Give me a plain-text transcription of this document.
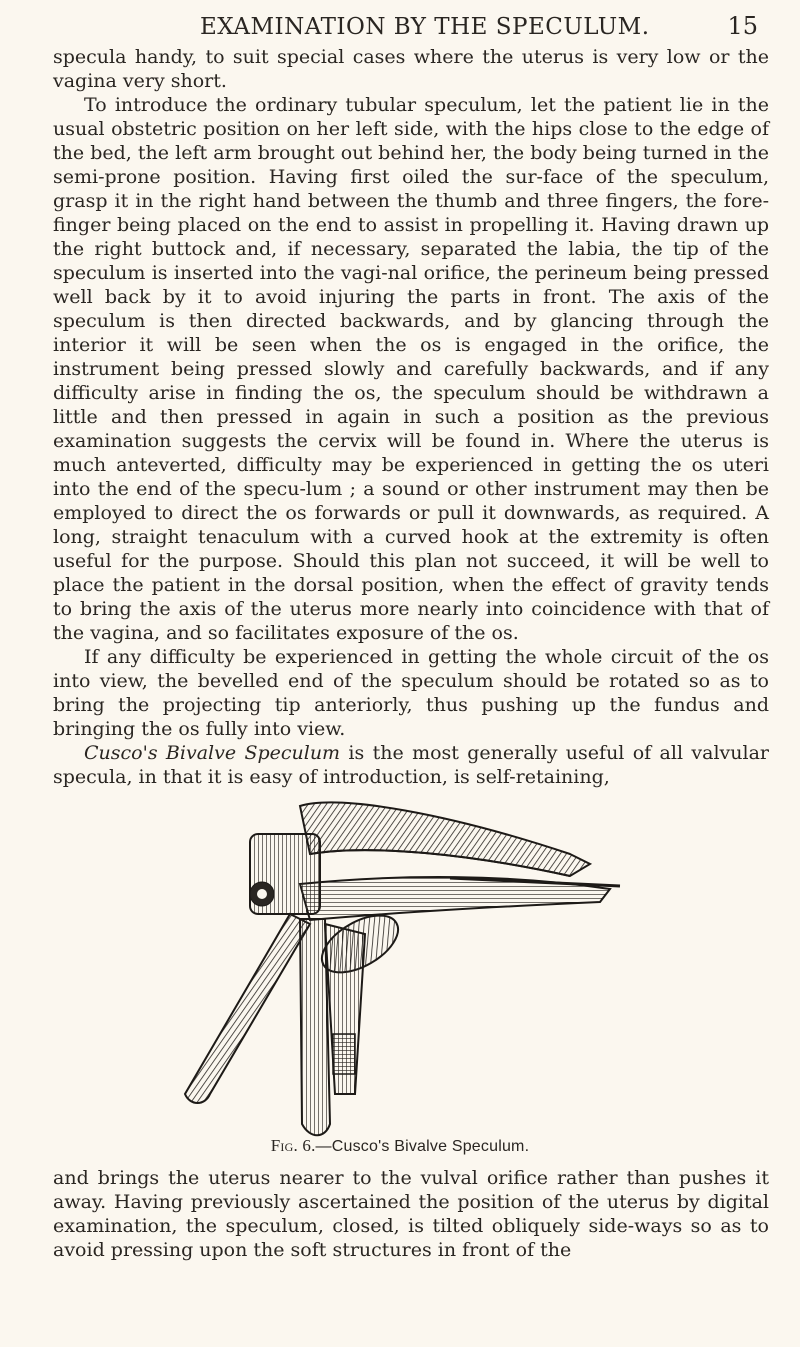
EXAMINATION BY THE SPECULUM.	15

specula handy, to suit special cases where the uterus is very low or the vagina very short.

To introduce the ordinary tubular speculum, let the patient lie in the usual obstetric position on her left side, with the hips close to the edge of the bed, the left arm brought out behind her, the body being turned in the semi-prone position. Having first oiled the sur-face of the speculum, grasp it in the right hand between the thumb and three fingers, the fore-finger being placed on the end to assist in propelling it. Having drawn up the right buttock and, if necessary, separated the labia, the tip of the speculum is inserted into the vagi-nal orifice, the perineum being pressed well back by it to avoid injuring the parts in front. The axis of the speculum is then directed backwards, and by glancing through the interior it will be seen when the os is engaged in the orifice, the instrument being pressed slowly and carefully backwards, and if any difficulty arise in finding the os, the speculum should be withdrawn a little and then pressed in again in such a position as the previous examination suggests the cervix will be found in. Where the uterus is much anteverted, difficulty may be experienced in getting the os uteri into the end of the specu-lum ; a sound or other instrument may then be employed to direct the os forwards or pull it downwards, as required. A long, straight tenaculum with a curved hook at the extremity is often useful for the purpose. Should this plan not succeed, it will be well to place the patient in the dorsal position, when the effect of gravity tends to bring the axis of the uterus more nearly into coincidence with that of the vagina, and so facilitates exposure of the os.

If any difficulty be experienced in getting the whole circuit of the os into view, the bevelled end of the speculum should be rotated so as to bring the projecting tip anteriorly, thus pushing up the fundus and bringing the os fully into view.

Cusco's Bivalve Speculum is the most generally useful of all valvular specula, in that it is easy of introduction, is self-retaining,

Fig. 6.—Cusco's Bivalve Speculum.

and brings the uterus nearer to the vulval orifice rather than pushes it away. Having previously ascertained the position of the uterus by digital examination, the speculum, closed, is tilted obliquely side-ways so as to avoid pressing upon the soft structures in front of the
